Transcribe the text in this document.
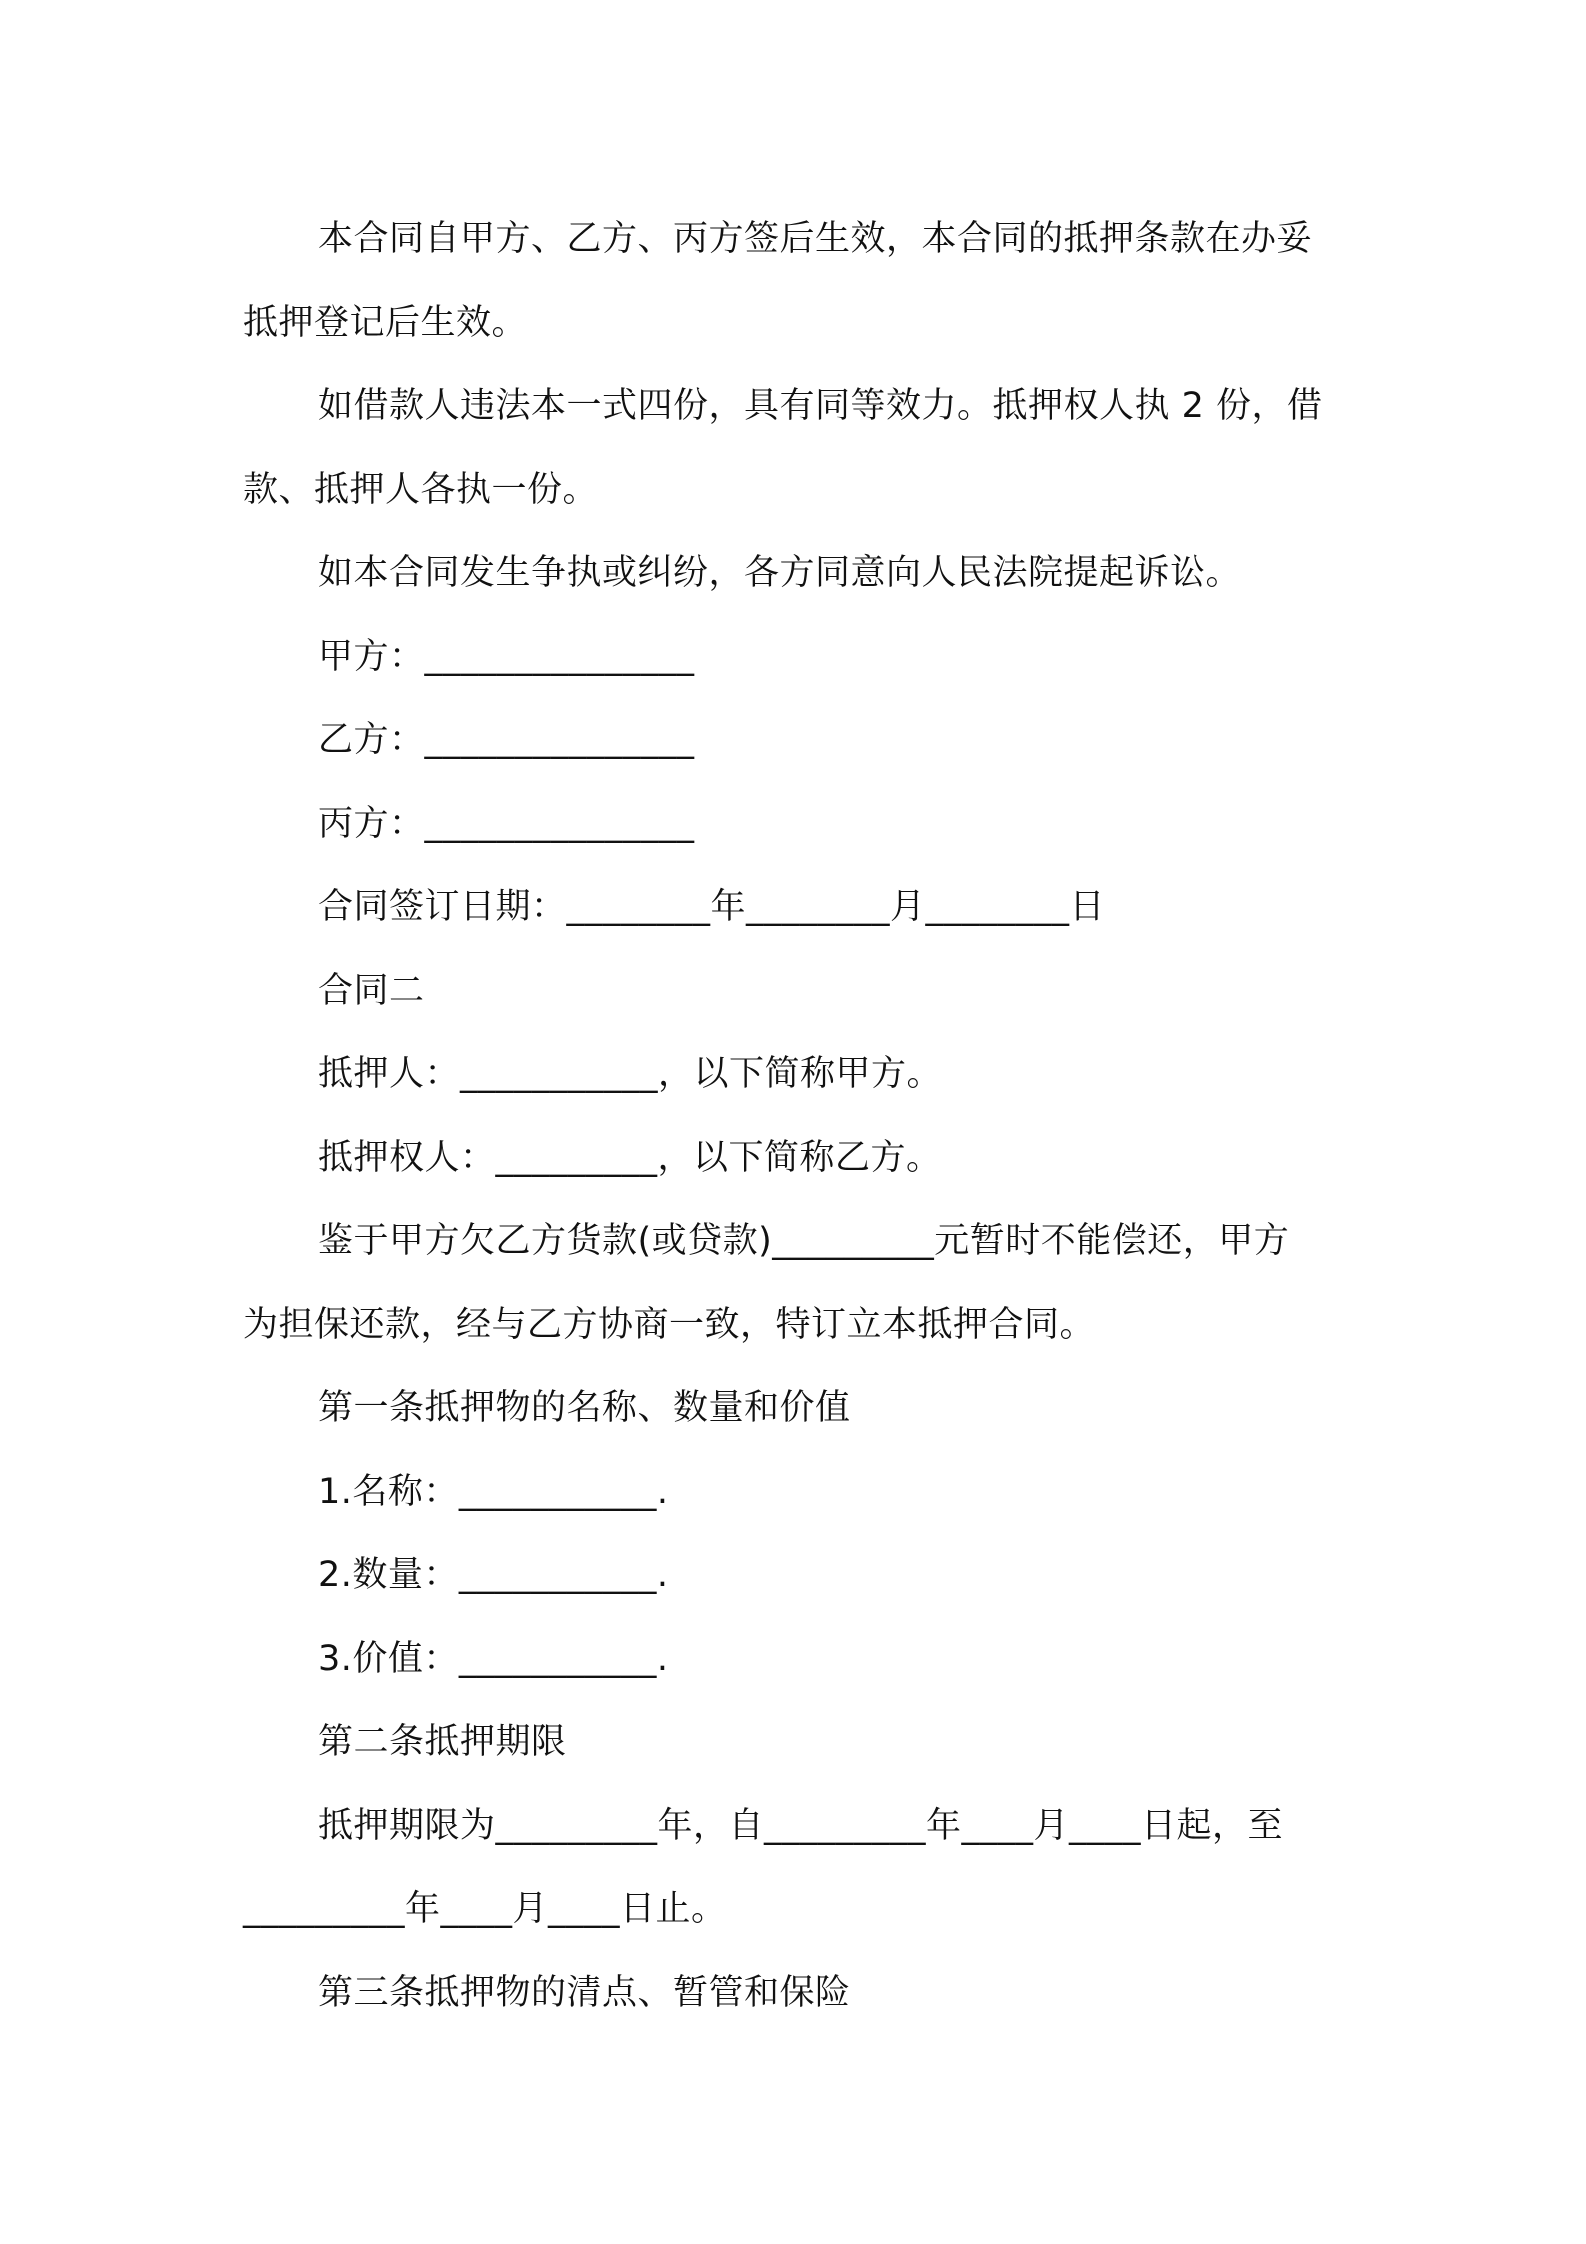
本合同自甲方、乙方、丙方签后生效，本合同的抵押条款在办妥
抵押登记后生效。
如借款人违法本一式四份，具有同等效力。抵押权人执 2 份，借
款、抵押人各执一份。
如本合同发生争执或纠纷，各方同意向人民法院提起诉讼。
甲方：_______________
乙方：_______________
丙方：_______________
合同签订日期：________年________月________日
合同二
抵押人：___________，以下简称甲方。
抵押权人：_________，以下简称乙方。
鉴于甲方欠乙方货款(或贷款)_________元暂时不能偿还，甲方
为担保还款，经与乙方协商一致，特订立本抵押合同。
第一条抵押物的名称、数量和价值
1.名称：___________.
2.数量：___________.
3.价值：___________.
第二条抵押期限
抵押期限为_________年，自_________年____月____日起，至
_________年____月____日止。
第三条抵押物的清点、暂管和保险
